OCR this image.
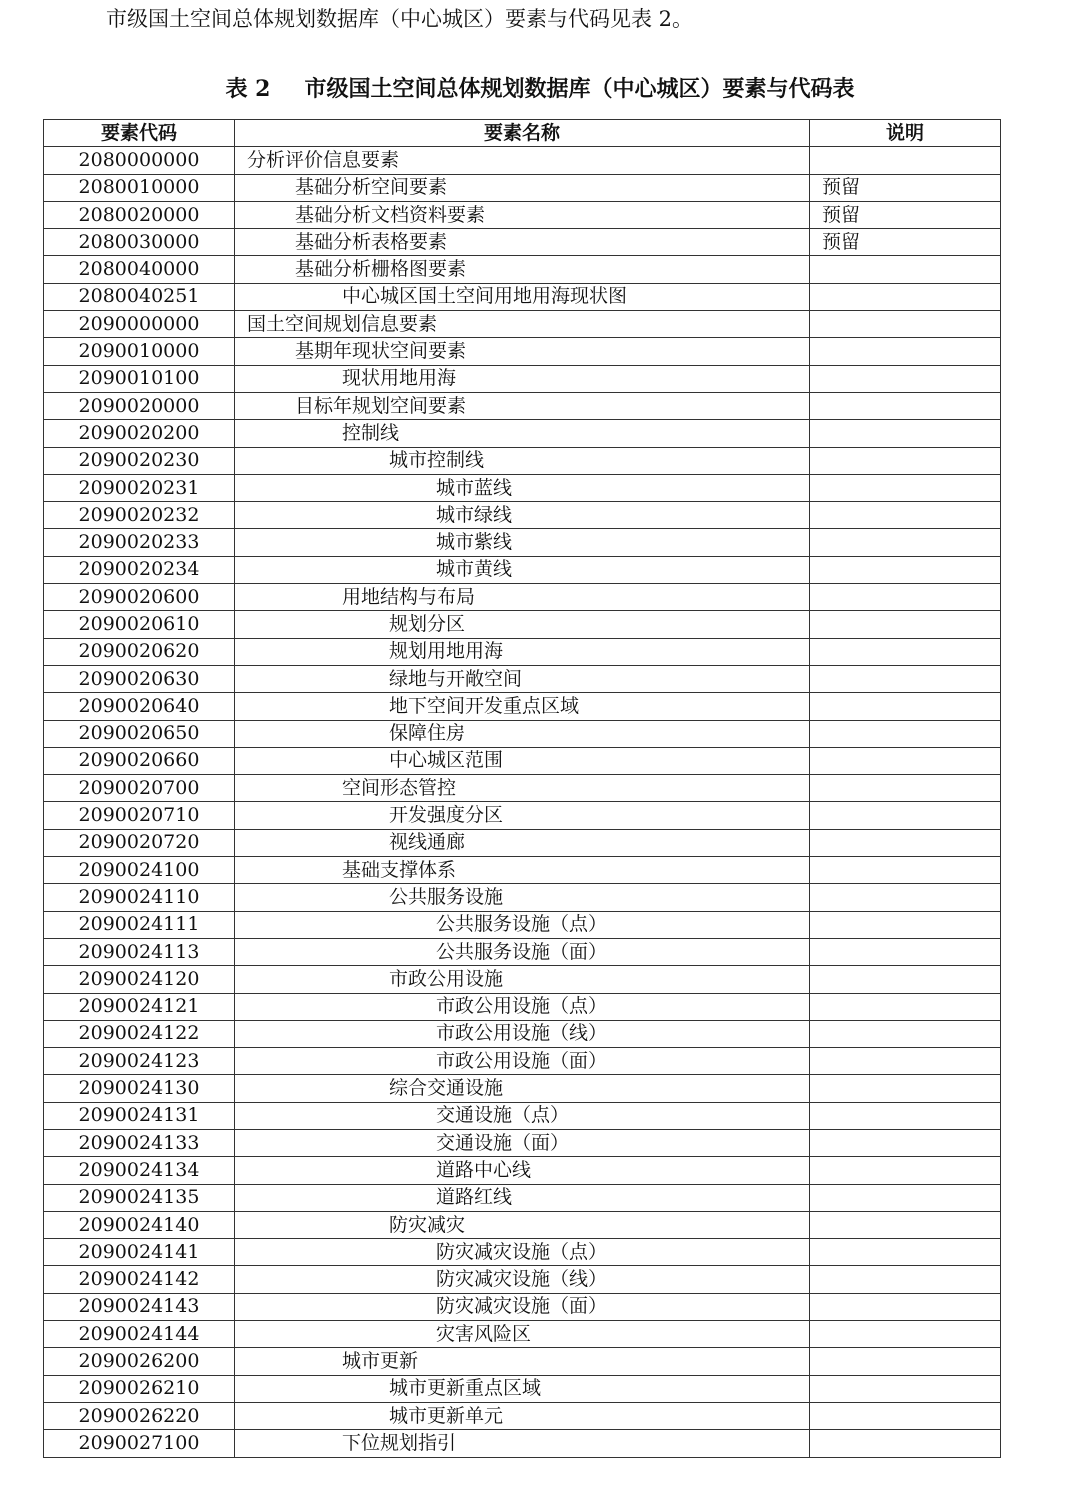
市级国土空间总体规划数据库（中心城区）要素与代码见表 2。
表 2 市级国土空间总体规划数据库（中心城区）要素与代码表
要素代码	要素名称	说明
2080000000	分析评价信息要素	
2080010000	基础分析空间要素	预留
2080020000	基础分析文档资料要素	预留
2080030000	基础分析表格要素	预留
2080040000	基础分析栅格图要素	
2080040251	中心城区国土空间用地用海现状图	
2090000000	国土空间规划信息要素	
2090010000	基期年现状空间要素	
2090010100	现状用地用海	
2090020000	目标年规划空间要素	
2090020200	控制线	
2090020230	城市控制线	
2090020231	城市蓝线	
2090020232	城市绿线	
2090020233	城市紫线	
2090020234	城市黄线	
2090020600	用地结构与布局	
2090020610	规划分区	
2090020620	规划用地用海	
2090020630	绿地与开敞空间	
2090020640	地下空间开发重点区域	
2090020650	保障住房	
2090020660	中心城区范围	
2090020700	空间形态管控	
2090020710	开发强度分区	
2090020720	视线通廊	
2090024100	基础支撑体系	
2090024110	公共服务设施	
2090024111	公共服务设施（点）	
2090024113	公共服务设施（面）	
2090024120	市政公用设施	
2090024121	市政公用设施（点）	
2090024122	市政公用设施（线）	
2090024123	市政公用设施（面）	
2090024130	综合交通设施	
2090024131	交通设施（点）	
2090024133	交通设施（面）	
2090024134	道路中心线	
2090024135	道路红线	
2090024140	防灾减灾	
2090024141	防灾减灾设施（点）	
2090024142	防灾减灾设施（线）	
2090024143	防灾减灾设施（面）	
2090024144	灾害风险区	
2090026200	城市更新	
2090026210	城市更新重点区域	
2090026220	城市更新单元	
2090027100	下位规划指引	
